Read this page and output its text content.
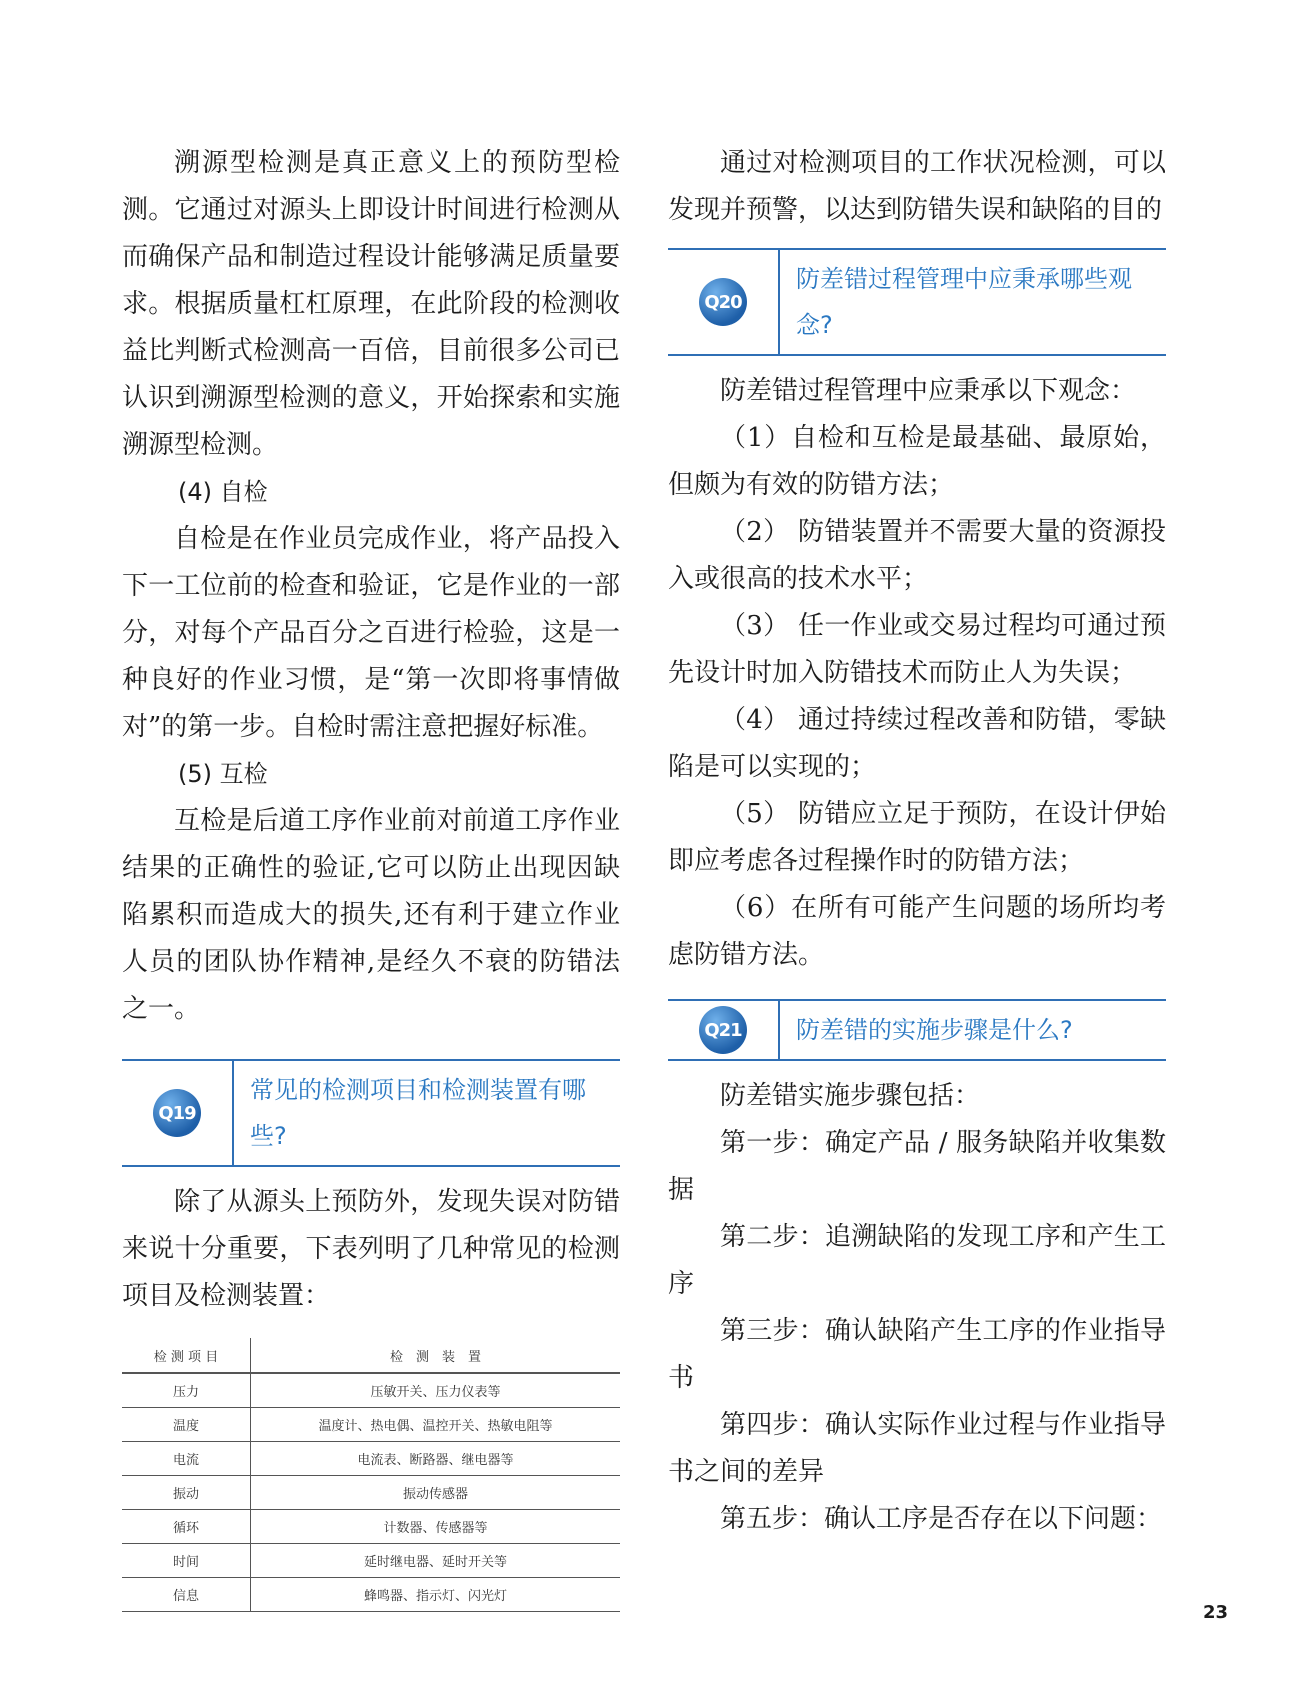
溯源型检测是真正意义上的预防型检测。它通过对源头上即设计时间进行检测从而确保产品和制造过程设计能够满足质量要求。根据质量杠杠原理，在此阶段的检测收益比判断式检测高一百倍，目前很多公司已认识到溯源型检测的意义，开始探索和实施溯源型检测。

(4) 自检

自检是在作业员完成作业，将产品投入下一工位前的检查和验证，它是作业的一部分，对每个产品百分之百进行检验，这是一种良好的作业习惯，是“第一次即将事情做对”的第一步。自检时需注意把握好标准。

(5) 互检

互检是后道工序作业前对前道工序作业结果的正确性的验证,它可以防止出现因缺陷累积而造成大的损失,还有利于建立作业人员的团队协作精神,是经久不衰的防错法之一。

Q19
常见的检测项目和检测装置有哪些?

除了从源头上预防外，发现失误对防错来说十分重要，下表列明了几种常见的检测项目及检测装置：

检 测 项 目	检　测　装　置
压力	压敏开关、压力仪表等
温度	温度计、热电偶、温控开关、热敏电阻等
电流	电流表、断路器、继电器等
振动	振动传感器
循环	计数器、传感器等
时间	延时继电器、延时开关等
信息	蜂鸣器、指示灯、闪光灯

通过对检测项目的工作状况检测，可以发现并预警，以达到防错失误和缺陷的目的

Q20
防差错过程管理中应秉承哪些观念?

防差错过程管理中应秉承以下观念：

（1）自检和互检是最基础、最原始，但颇为有效的防错方法；

（2） 防错装置并不需要大量的资源投入或很高的技术水平；

（3） 任一作业或交易过程均可通过预先设计时加入防错技术而防止人为失误；

（4） 通过持续过程改善和防错，零缺陷是可以实现的；

（5） 防错应立足于预防，在设计伊始即应考虑各过程操作时的防错方法；

（6）在所有可能产生问题的场所均考虑防错方法。

Q21 防差错的实施步骤是什么?

防差错实施步骤包括：

第一步：确定产品 / 服务缺陷并收集数据

第二步：追溯缺陷的发现工序和产生工序

第三步：确认缺陷产生工序的作业指导书

第四步：确认实际作业过程与作业指导书之间的差异

第五步：确认工序是否存在以下问题：

23
